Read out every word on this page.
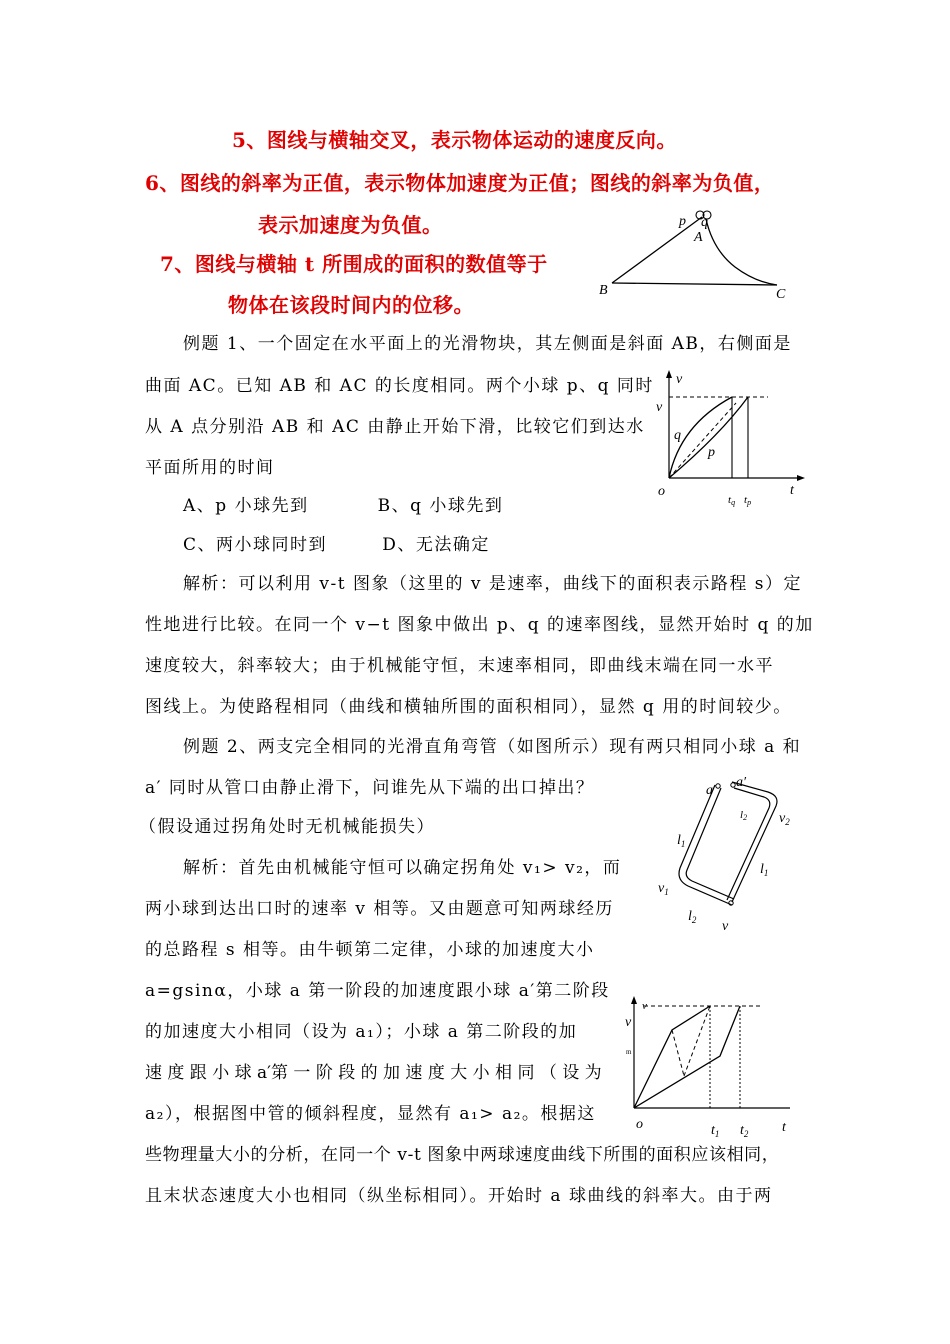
5、图线与横轴交叉，表示物体运动的速度反向。
6、图线的斜率为正值，表示物体加速度为正值；图线的斜率为负值，
表示加速度为负值。
7、图线与横轴 t 所围成的面积的数值等于
物体在该段时间内的位移。
p q
A
B	C
例题 1、一个固定在水平面上的光滑物块，其左侧面是斜面 AB，右侧面是
曲面 AC。已知 AB 和 AC 的长度相同。两个小球 p、q 同时
从 A 点分别沿 AB 和 AC 由静止开始下滑，比较它们到达水
平面所用的时间
A、p 小球先到          B、q 小球先到
C、两小球同时到        D、无法确定
v
v
q
p
o	t
tq tp
解析：可以利用 v-t 图象（这里的 v 是速率，曲线下的面积表示路程 s）定
性地进行比较。在同一个 v−t 图象中做出 p、q 的速率图线，显然开始时 q 的加
速度较大，斜率较大；由于机械能守恒，末速率相同，即曲线末端在同一水平
图线上。为使路程相同（曲线和横轴所围的面积相同），显然 q 用的时间较少。
例题 2、两支完全相同的光滑直角弯管（如图所示）现有两只相同小球 a 和
a′ 同时从管口由静止滑下，问谁先从下端的出口掉出？
（假设通过拐角处时无机械能损失）
a
a′
l2 $v_2$
$l_1$
$l_1$
$v_1$
$l_2$ v
解析：首先由机械能守恒可以确定拐角处 v₁> v₂，而
两小球到达出口时的速率 v 相等。又由题意可知两球经历
的总路程 s 相等。由牛顿第二定律，小球的加速度大小
a=gsinα，小球 a 第一阶段的加速度跟小球 a′第二阶段
的加速度大小相同（设为 a₁）；小球 a 第二阶段的加
速 度 跟 小 球 a′第 一 阶 段 的 加 速 度 大 小 相 同 （ 设 为
a₂），根据图中管的倾斜程度，显然有 a₁> a₂。根据这
些物理量大小的分析，在同一个 v-t 图象中两球速度曲线下所围的面积应该相同，
且末状态速度大小也相同（纵坐标相同）。开始时 a 球曲线的斜率大。由于两
v
v
m
o	t
$t_1$ $t_2$
